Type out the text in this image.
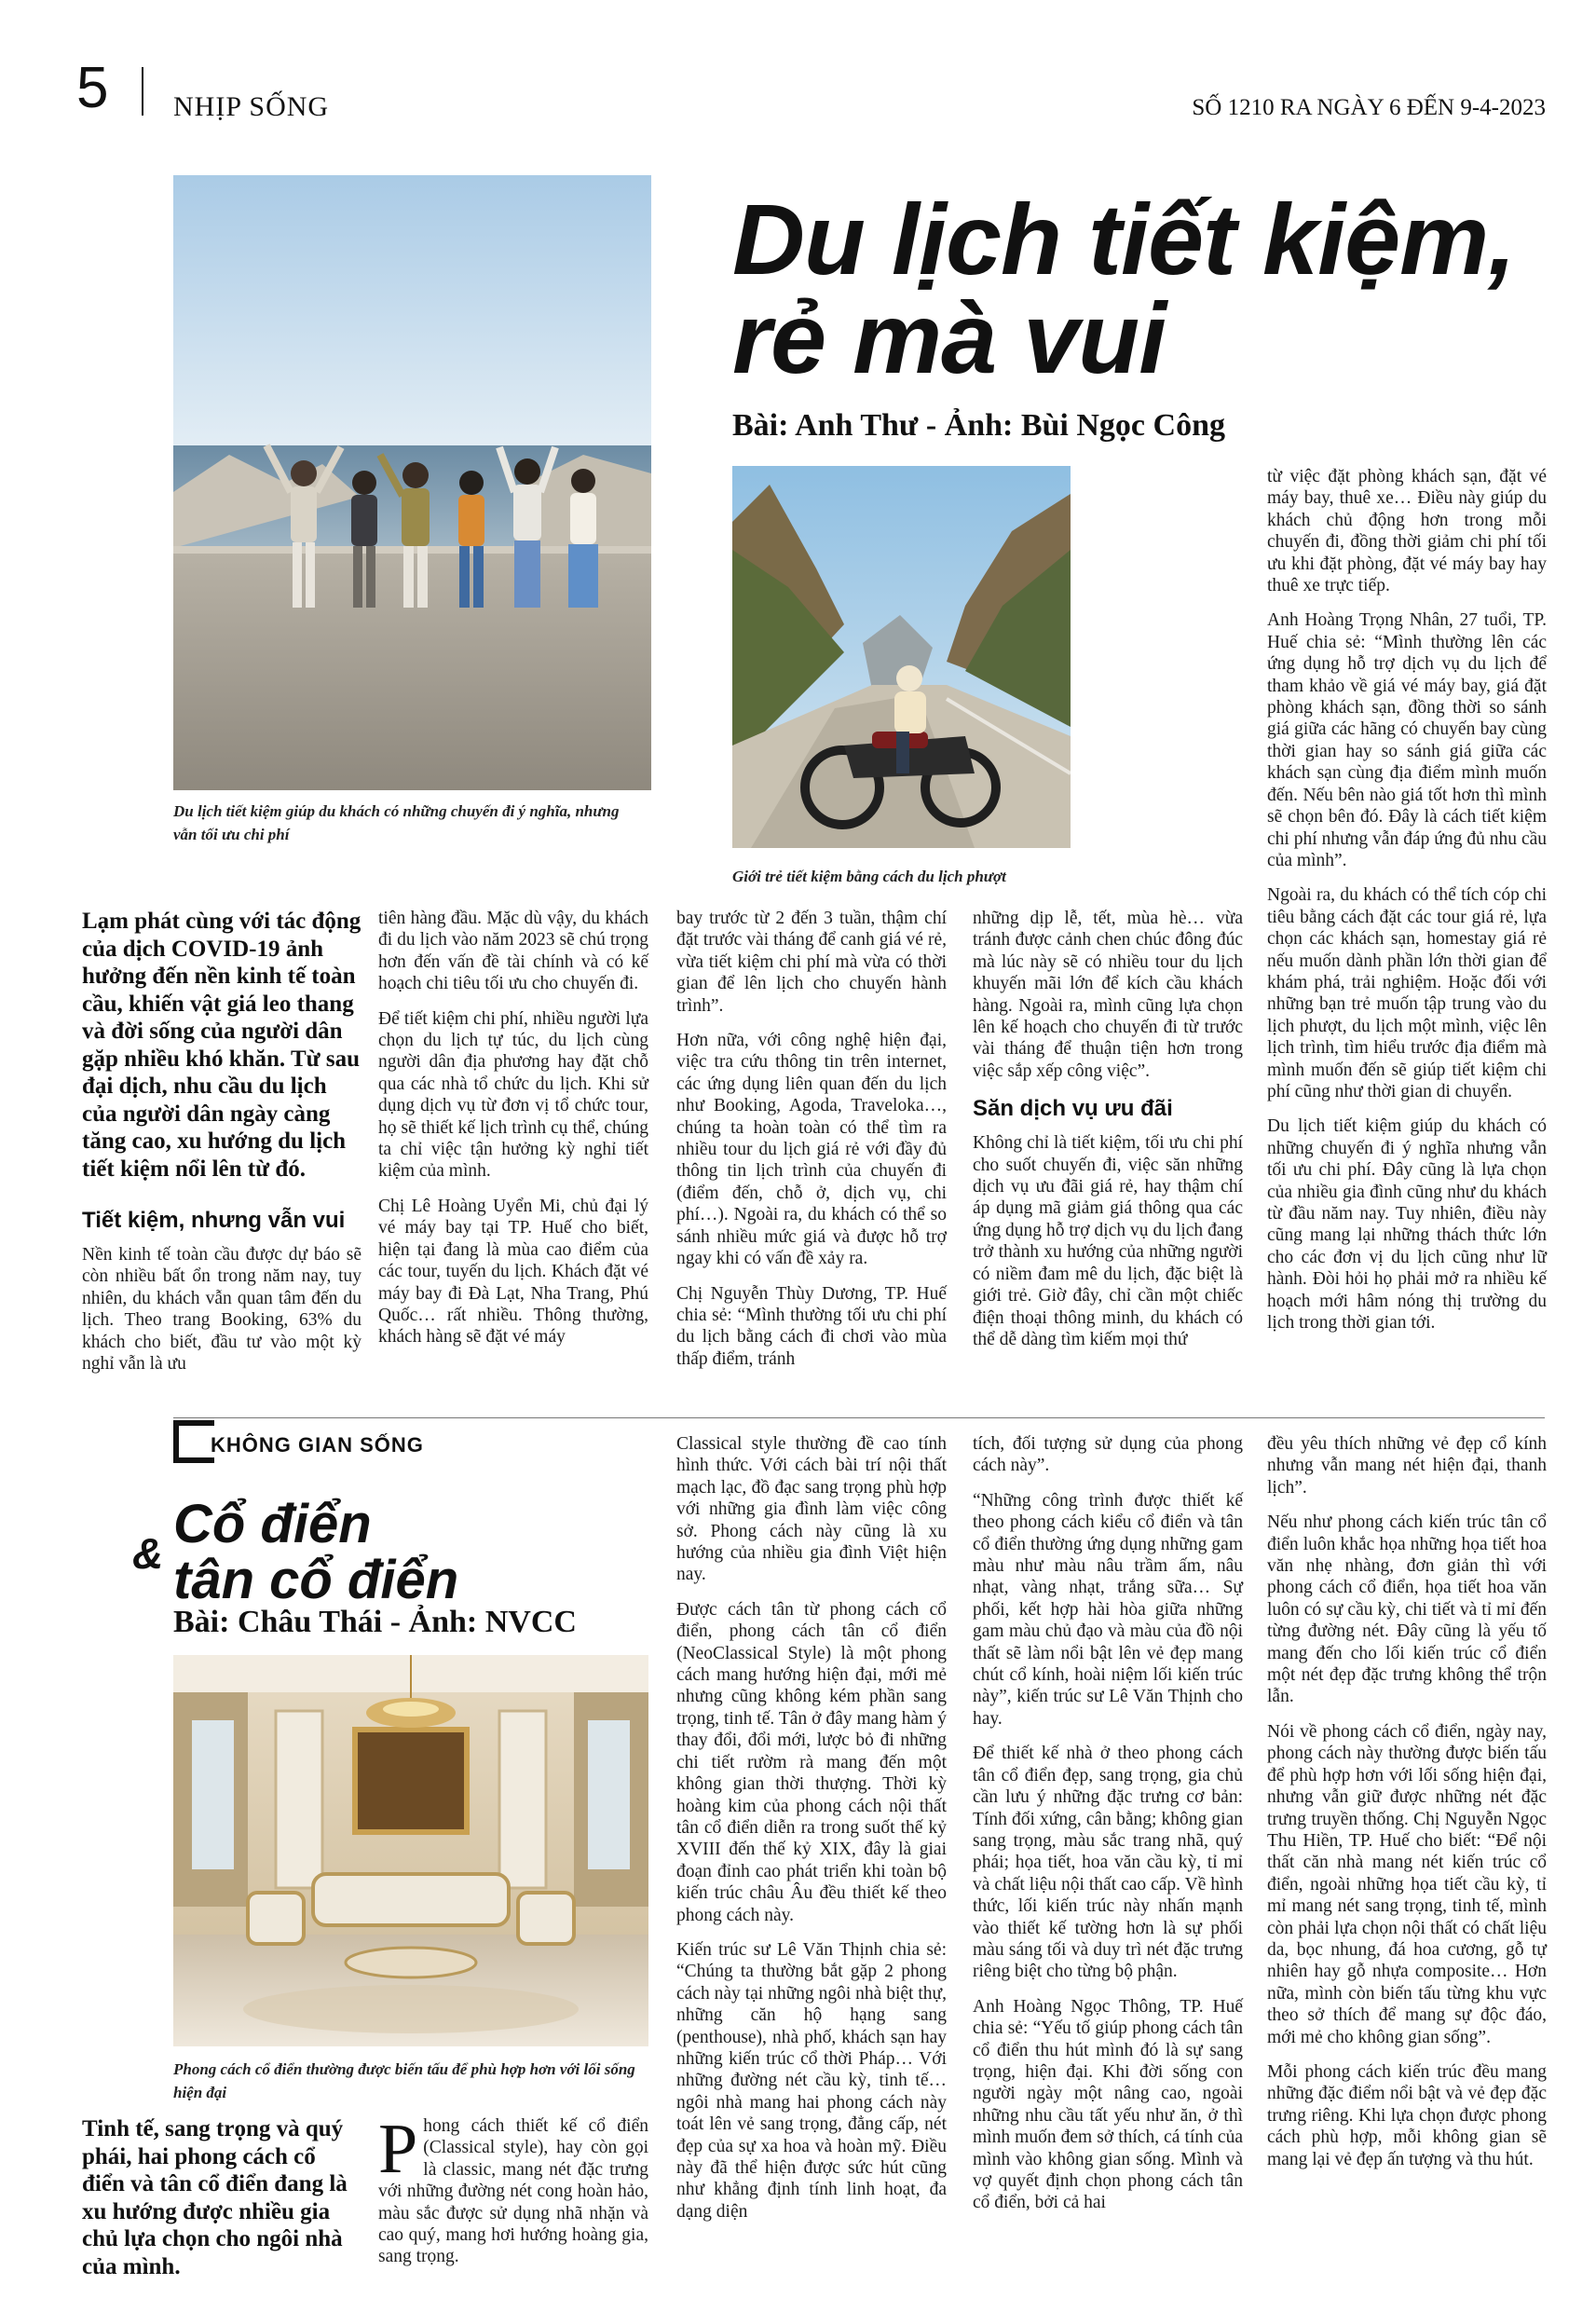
5 NHỊP SỐNG	SỐ 1210 RA NGÀY 6 ĐẾN 9-4-2023
Du lịch tiết kiệm giúp du khách có những chuyến đi ý nghĩa, nhưng vẫn tối ưu chi phí
Du lịch tiết kiệm,
rẻ mà vui
Bài: Anh Thư - Ảnh: Bùi Ngọc Công
Giới trẻ tiết kiệm bằng cách du lịch phượt

từ việc đặt phòng khách sạn, đặt vé máy bay, thuê xe… Điều này giúp du khách chủ động hơn trong mỗi chuyến đi, đồng thời giảm chi phí tối ưu khi đặt phòng, đặt vé máy bay hay thuê xe trực tiếp.

Anh Hoàng Trọng Nhân, 27 tuổi, TP. Huế chia sẻ: “Mình thường lên các ứng dụng hỗ trợ dịch vụ du lịch để tham khảo về giá vé máy bay, giá đặt phòng khách sạn, đồng thời so sánh giá giữa các hãng có chuyến bay cùng thời gian hay so sánh giá giữa các khách sạn cùng địa điểm mình muốn đến. Nếu bên nào giá tốt hơn thì mình sẽ chọn bên đó. Đây là cách tiết kiệm chi phí nhưng vẫn đáp ứng đủ nhu cầu của mình”.

Ngoài ra, du khách có thể tích cóp chi tiêu bằng cách đặt các tour giá rẻ, lựa chọn các khách sạn, homestay giá rẻ nếu muốn dành phần lớn thời gian để khám phá, trải nghiệm. Hoặc đối với những bạn trẻ muốn tập trung vào du lịch phượt, du lịch một mình, việc lên lịch trình, tìm hiểu trước địa điểm mà mình muốn đến sẽ giúp tiết kiệm chi phí cũng như thời gian di chuyển.

Du lịch tiết kiệm giúp du khách có những chuyến đi ý nghĩa nhưng vẫn tối ưu chi phí. Đây cũng là lựa chọn của nhiều gia đình cũng như du khách từ đầu năm nay. Tuy nhiên, điều này cũng mang lại những thách thức lớn cho các đơn vị du lịch cũng như lữ hành. Đòi hỏi họ phải mở ra nhiều kế hoạch mới hâm nóng thị trường du lịch trong thời gian tới.

Lạm phát cùng với tác động của dịch COVID-19 ảnh hưởng đến nền kinh tế toàn cầu, khiến vật giá leo thang và đời sống của người dân gặp nhiều khó khăn. Từ sau đại dịch, nhu cầu du lịch của người dân ngày càng tăng cao, xu hướng du lịch tiết kiệm nổi lên từ đó.

Tiết kiệm, nhưng vẫn vui

Nền kinh tế toàn cầu được dự báo sẽ còn nhiều bất ổn trong năm nay, tuy nhiên, du khách vẫn quan tâm đến du lịch. Theo trang Booking, 63% du khách cho biết, đầu tư vào một kỳ nghỉ vẫn là ưu

tiên hàng đầu. Mặc dù vậy, du khách đi du lịch vào năm 2023 sẽ chú trọng hơn đến vấn đề tài chính và có kế hoạch chi tiêu tối ưu cho chuyến đi.

Để tiết kiệm chi phí, nhiều người lựa chọn du lịch tự túc, du lịch cùng người dân địa phương hay đặt chỗ qua các nhà tổ chức du lịch. Khi sử dụng dịch vụ từ đơn vị tổ chức tour, họ sẽ thiết kế lịch trình cụ thể, chúng ta chỉ việc tận hưởng kỳ nghỉ tiết kiệm của mình.

Chị Lê Hoàng Uyển Mi, chủ đại lý vé máy bay tại TP. Huế cho biết, hiện tại đang là mùa cao điểm của các tour, tuyến du lịch. Khách đặt vé máy bay đi Đà Lạt, Nha Trang, Phú Quốc… rất nhiều. Thông thường, khách hàng sẽ đặt vé máy

bay trước từ 2 đến 3 tuần, thậm chí đặt trước vài tháng để canh giá vé rẻ, vừa tiết kiệm chi phí mà vừa có thời gian để lên lịch cho chuyến hành trình”.

Hơn nữa, với công nghệ hiện đại, việc tra cứu thông tin trên internet, các ứng dụng liên quan đến du lịch như Booking, Agoda, Traveloka…, chúng ta hoàn toàn có thể tìm ra nhiều tour du lịch giá rẻ với đầy đủ thông tin lịch trình của chuyến đi (điểm đến, chỗ ở, dịch vụ, chi phí…). Ngoài ra, du khách có thể so sánh nhiều mức giá và được hỗ trợ ngay khi có vấn đề xảy ra.

Chị Nguyễn Thùy Dương, TP. Huế chia sẻ: “Mình thường tối ưu chi phí du lịch bằng cách đi chơi vào mùa thấp điểm, tránh

những dịp lễ, tết, mùa hè… vừa tránh được cảnh chen chúc đông đúc mà lúc này sẽ có nhiều tour du lịch khuyến mãi lớn để kích cầu khách hàng. Ngoài ra, mình cũng lựa chọn lên kế hoạch cho chuyến đi từ trước vài tháng để thuận tiện hơn trong việc sắp xếp công việc”.

Săn dịch vụ ưu đãi

Không chỉ là tiết kiệm, tối ưu chi phí cho suốt chuyến đi, việc săn những dịch vụ ưu đãi giá rẻ, hay thậm chí áp dụng mã giảm giá thông qua các ứng dụng hỗ trợ dịch vụ du lịch đang trở thành xu hướng của những người có niềm đam mê du lịch, đặc biệt là giới trẻ. Giờ đây, chỉ cần một chiếc điện thoại thông minh, du khách có thể dễ dàng tìm kiếm mọi thứ

KHÔNG GIAN SỐNG
& Cổ điển
tân cổ điển
Bài: Châu Thái - Ảnh: NVCC
Phong cách cổ điển thường được biến tấu để phù hợp hơn với lối sống hiện đại

Tinh tế, sang trọng và quý phái, hai phong cách cổ điển và tân cổ điển đang là xu hướng được nhiều gia chủ lựa chọn cho ngôi nhà của mình.

Phong cách thiết kế cổ điển (Classical style), hay còn gọi là classic, mang nét đặc trưng với những đường nét cong hoàn hảo, màu sắc được sử dụng nhã nhặn và cao quý, mang hơi hướng hoàng gia, sang trọng.

Classical style thường đề cao tính hình thức. Với cách bài trí nội thất mạch lạc, đồ đạc sang trọng phù hợp với những gia đình làm việc công sở. Phong cách này cũng là xu hướng của nhiều gia đình Việt hiện nay.

Được cách tân từ phong cách cổ điển, phong cách tân cổ điển (NeoClassical Style) là một phong cách mang hướng hiện đại, mới mẻ nhưng cũng không kém phần sang trọng, tinh tế. Tân ở đây mang hàm ý thay đổi, đổi mới, lược bỏ đi những chi tiết rườm rà mang đến một không gian thời thượng. Thời kỳ hoàng kim của phong cách nội thất tân cổ điển diễn ra trong suốt thế kỷ XVIII đến thế kỷ XIX, đây là giai đoạn đỉnh cao phát triển khi toàn bộ kiến trúc châu Âu đều thiết kế theo phong cách này.

Kiến trúc sư Lê Văn Thịnh chia sẻ: “Chúng ta thường bắt gặp 2 phong cách này tại những ngôi nhà biệt thự, những căn hộ hạng sang (penthouse), nhà phố, khách sạn hay những kiến trúc cổ thời Pháp… Với những đường nét cầu kỳ, tinh tế… ngôi nhà mang hai phong cách này toát lên vẻ sang trọng, đẳng cấp, nét đẹp của sự xa hoa và hoàn mỹ. Điều này đã thể hiện được sức hút cũng như khẳng định tính linh hoạt, đa dạng diện

tích, đối tượng sử dụng của phong cách này”.

“Những công trình được thiết kế theo phong cách kiểu cổ điển và tân cổ điển thường ứng dụng những gam màu như màu nâu trầm ấm, nâu nhạt, vàng nhạt, trắng sữa… Sự phối, kết hợp hài hòa giữa những gam màu chủ đạo và màu của đồ nội thất sẽ làm nổi bật lên vẻ đẹp mang chút cổ kính, hoài niệm lối kiến trúc này”, kiến trúc sư Lê Văn Thịnh cho hay.

Để thiết kế nhà ở theo phong cách tân cổ điển đẹp, sang trọng, gia chủ cần lưu ý những đặc trưng cơ bản: Tính đối xứng, cân bằng; không gian sang trọng, màu sắc trang nhã, quý phái; họa tiết, hoa văn cầu kỳ, tỉ mỉ và chất liệu nội thất cao cấp. Về hình thức, lối kiến trúc này nhấn mạnh vào thiết kế tường hơn là sự phối màu sáng tối và duy trì nét đặc trưng riêng biệt cho từng bộ phận.

Anh Hoàng Ngọc Thông, TP. Huế chia sẻ: “Yếu tố giúp phong cách tân cổ điển thu hút mình đó là sự sang trọng, hiện đại. Khi đời sống con người ngày một nâng cao, ngoài những nhu cầu tất yếu như ăn, ở thì mình muốn đem sở thích, cá tính của mình vào không gian sống. Mình và vợ quyết định chọn phong cách tân cổ điển, bởi cả hai

đều yêu thích những vẻ đẹp cổ kính nhưng vẫn mang nét hiện đại, thanh lịch”.

Nếu như phong cách kiến trúc tân cổ điển luôn khắc họa những họa tiết hoa văn nhẹ nhàng, đơn giản thì với phong cách cổ điển, họa tiết hoa văn luôn có sự cầu kỳ, chi tiết và tỉ mỉ đến từng đường nét. Đây cũng là yếu tố mang đến cho lối kiến trúc cổ điển một nét đẹp đặc trưng không thể trộn lẫn.

Nói về phong cách cổ điển, ngày nay, phong cách này thường được biến tấu để phù hợp hơn với lối sống hiện đại, nhưng vẫn giữ được những nét đặc trưng truyền thống. Chị Nguyễn Ngọc Thu Hiền, TP. Huế cho biết: “Để nội thất căn nhà mang nét kiến trúc cổ điển, ngoài những họa tiết cầu kỳ, tỉ mỉ mang nét sang trọng, tinh tế, mình còn phải lựa chọn nội thất có chất liệu da, bọc nhung, đá hoa cương, gỗ tự nhiên hay gỗ nhựa composite… Hơn nữa, mình còn biến tấu từng khu vực theo sở thích để mang sự độc đáo, mới mẻ cho không gian sống”.

Mỗi phong cách kiến trúc đều mang những đặc điểm nổi bật và vẻ đẹp đặc trưng riêng. Khi lựa chọn được phong cách phù hợp, mỗi không gian sẽ mang lại vẻ đẹp ấn tượng và thu hút.
